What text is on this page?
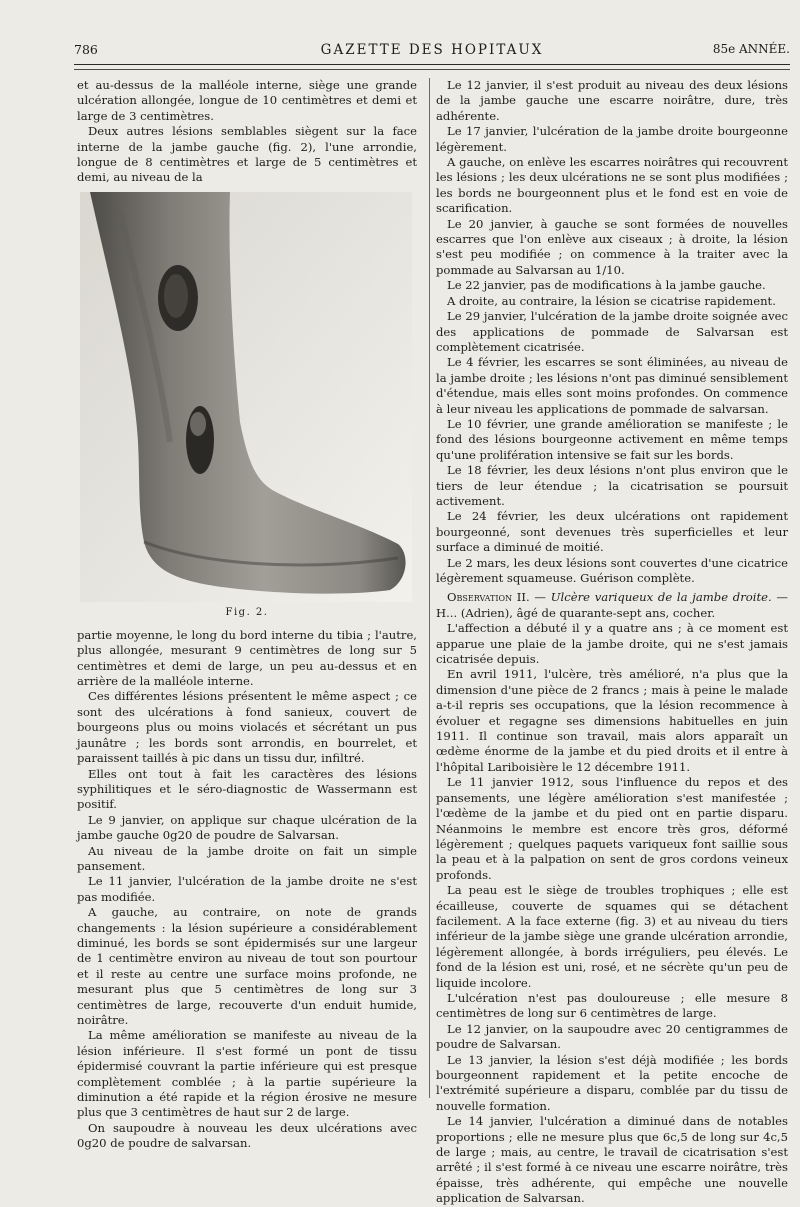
786	GAZETTE DES HOPITAUX	85e ANNÉE.

et au-dessus de la malléole interne, siège une grande ulcération allongée, longue de 10 centimètres et demi et large de 3 centimètres.

Deux autres lésions semblables siègent sur la face interne de la jambe gauche (fig. 2), l'une arrondie, longue de 8 centimètres et large de 5 centimètres et demi, au niveau de la

Fig. 2.

partie moyenne, le long du bord interne du tibia ; l'autre, plus allongée, mesurant 9 centimètres de long sur 5 centimètres et demi de large, un peu au-dessus et en arrière de la malléole interne.

Ces différentes lésions présentent le même aspect ; ce sont des ulcérations à fond sanieux, couvert de bourgeons plus ou moins violacés et sécrétant un pus jaunâtre ; les bords sont arrondis, en bourrelet, et paraissent taillés à pic dans un tissu dur, infiltré.

Elles ont tout à fait les caractères des lésions syphilitiques et le séro-diagnostic de Wassermann est positif.

Le 9 janvier, on applique sur chaque ulcération de la jambe gauche 0g20 de poudre de Salvarsan.

Au niveau de la jambe droite on fait un simple pansement.

Le 11 janvier, l'ulcération de la jambe droite ne s'est pas modifiée.

A gauche, au contraire, on note de grands changements : la lésion supérieure a considérablement diminué, les bords se sont épidermisés sur une largeur de 1 centimètre environ au niveau de tout son pourtour et il reste au centre une surface moins profonde, ne mesurant plus que 5 centimètres de long sur 3 centimètres de large, recouverte d'un enduit humide, noirâtre.

La même amélioration se manifeste au niveau de la lésion inférieure. Il s'est formé un pont de tissu épidermisé couvrant la partie inférieure qui est presque complètement comblée ; à la partie supérieure la diminution a été rapide et la région érosive ne mesure plus que 3 centimètres de haut sur 2 de large.

On saupoudre à nouveau les deux ulcérations avec 0g20 de poudre de salvarsan.

Le 12 janvier, il s'est produit au niveau des deux lésions de la jambe gauche une escarre noirâtre, dure, très adhérente.

Le 17 janvier, l'ulcération de la jambe droite bourgeonne légèrement.

A gauche, on enlève les escarres noirâtres qui recouvrent les lésions ; les deux ulcérations ne se sont plus modifiées ; les bords ne bourgeonnent plus et le fond est en voie de scarification.

Le 20 janvier, à gauche se sont formées de nouvelles escarres que l'on enlève aux ciseaux ; à droite, la lésion s'est peu modifiée ; on commence à la traiter avec la pommade au Salvarsan au 1/10.

Le 22 janvier, pas de modifications à la jambe gauche.

A droite, au contraire, la lésion se cicatrise rapidement.

Le 29 janvier, l'ulcération de la jambe droite soignée avec des applications de pommade de Salvarsan est complètement cicatrisée.

Le 4 février, les escarres se sont éliminées, au niveau de la jambe droite ; les lésions n'ont pas diminué sensiblement d'étendue, mais elles sont moins profondes. On commence à leur niveau les applications de pommade de salvarsan.

Le 10 février, une grande amélioration se manifeste ; le fond des lésions bourgeonne activement en même temps qu'une prolifération intensive se fait sur les bords.

Le 18 février, les deux lésions n'ont plus environ que le tiers de leur étendue ; la cicatrisation se poursuit activement.

Le 24 février, les deux ulcérations ont rapidement bourgeonné, sont devenues très superficielles et leur surface a diminué de moitié.

Le 2 mars, les deux lésions sont couvertes d'une cicatrice légèrement squameuse. Guérison complète.

Observation II. — Ulcère variqueux de la jambe droite. — H... (Adrien), âgé de quarante-sept ans, cocher.

L'affection a débuté il y a quatre ans ; à ce moment est apparue une plaie de la jambe droite, qui ne s'est jamais cicatrisée depuis.

En avril 1911, l'ulcère, très amélioré, n'a plus que la dimension d'une pièce de 2 francs ; mais à peine le malade a-t-il repris ses occupations, que la lésion recommence à évoluer et regagne ses dimensions habituelles en juin 1911. Il continue son travail, mais alors apparaît un œdème énorme de la jambe et du pied droits et il entre à l'hôpital Lariboisière le 12 décembre 1911.

Le 11 janvier 1912, sous l'influence du repos et des pansements, une légère amélioration s'est manifestée ; l'œdème de la jambe et du pied ont en partie disparu. Néanmoins le membre est encore très gros, déformé légèrement ; quelques paquets variqueux font saillie sous la peau et à la palpation on sent de gros cordons veineux profonds.

La peau est le siège de troubles trophiques ; elle est écailleuse, couverte de squames qui se détachent facilement. A la face externe (fig. 3) et au niveau du tiers inférieur de la jambe siège une grande ulcération arrondie, légèrement allongée, à bords irréguliers, peu élevés. Le fond de la lésion est uni, rosé, et ne sécrète qu'un peu de liquide incolore.

L'ulcération n'est pas douloureuse ; elle mesure 8 centimètres de long sur 6 centimètres de large.

Le 12 janvier, on la saupoudre avec 20 centigrammes de poudre de Salvarsan.

Le 13 janvier, la lésion s'est déjà modifiée ; les bords bourgeonnent rapidement et la petite encoche de l'extrémité supérieure a disparu, comblée par du tissu de nouvelle formation.

Le 14 janvier, l'ulcération a diminué dans de notables proportions ; elle ne mesure plus que 6c,5 de long sur 4c,5 de large ; mais, au centre, le travail de cicatrisation s'est arrêté ; il s'est formé à ce niveau une escarre noirâtre, très épaisse, très adhérente, qui empêche une nouvelle application de Salvarsan.
